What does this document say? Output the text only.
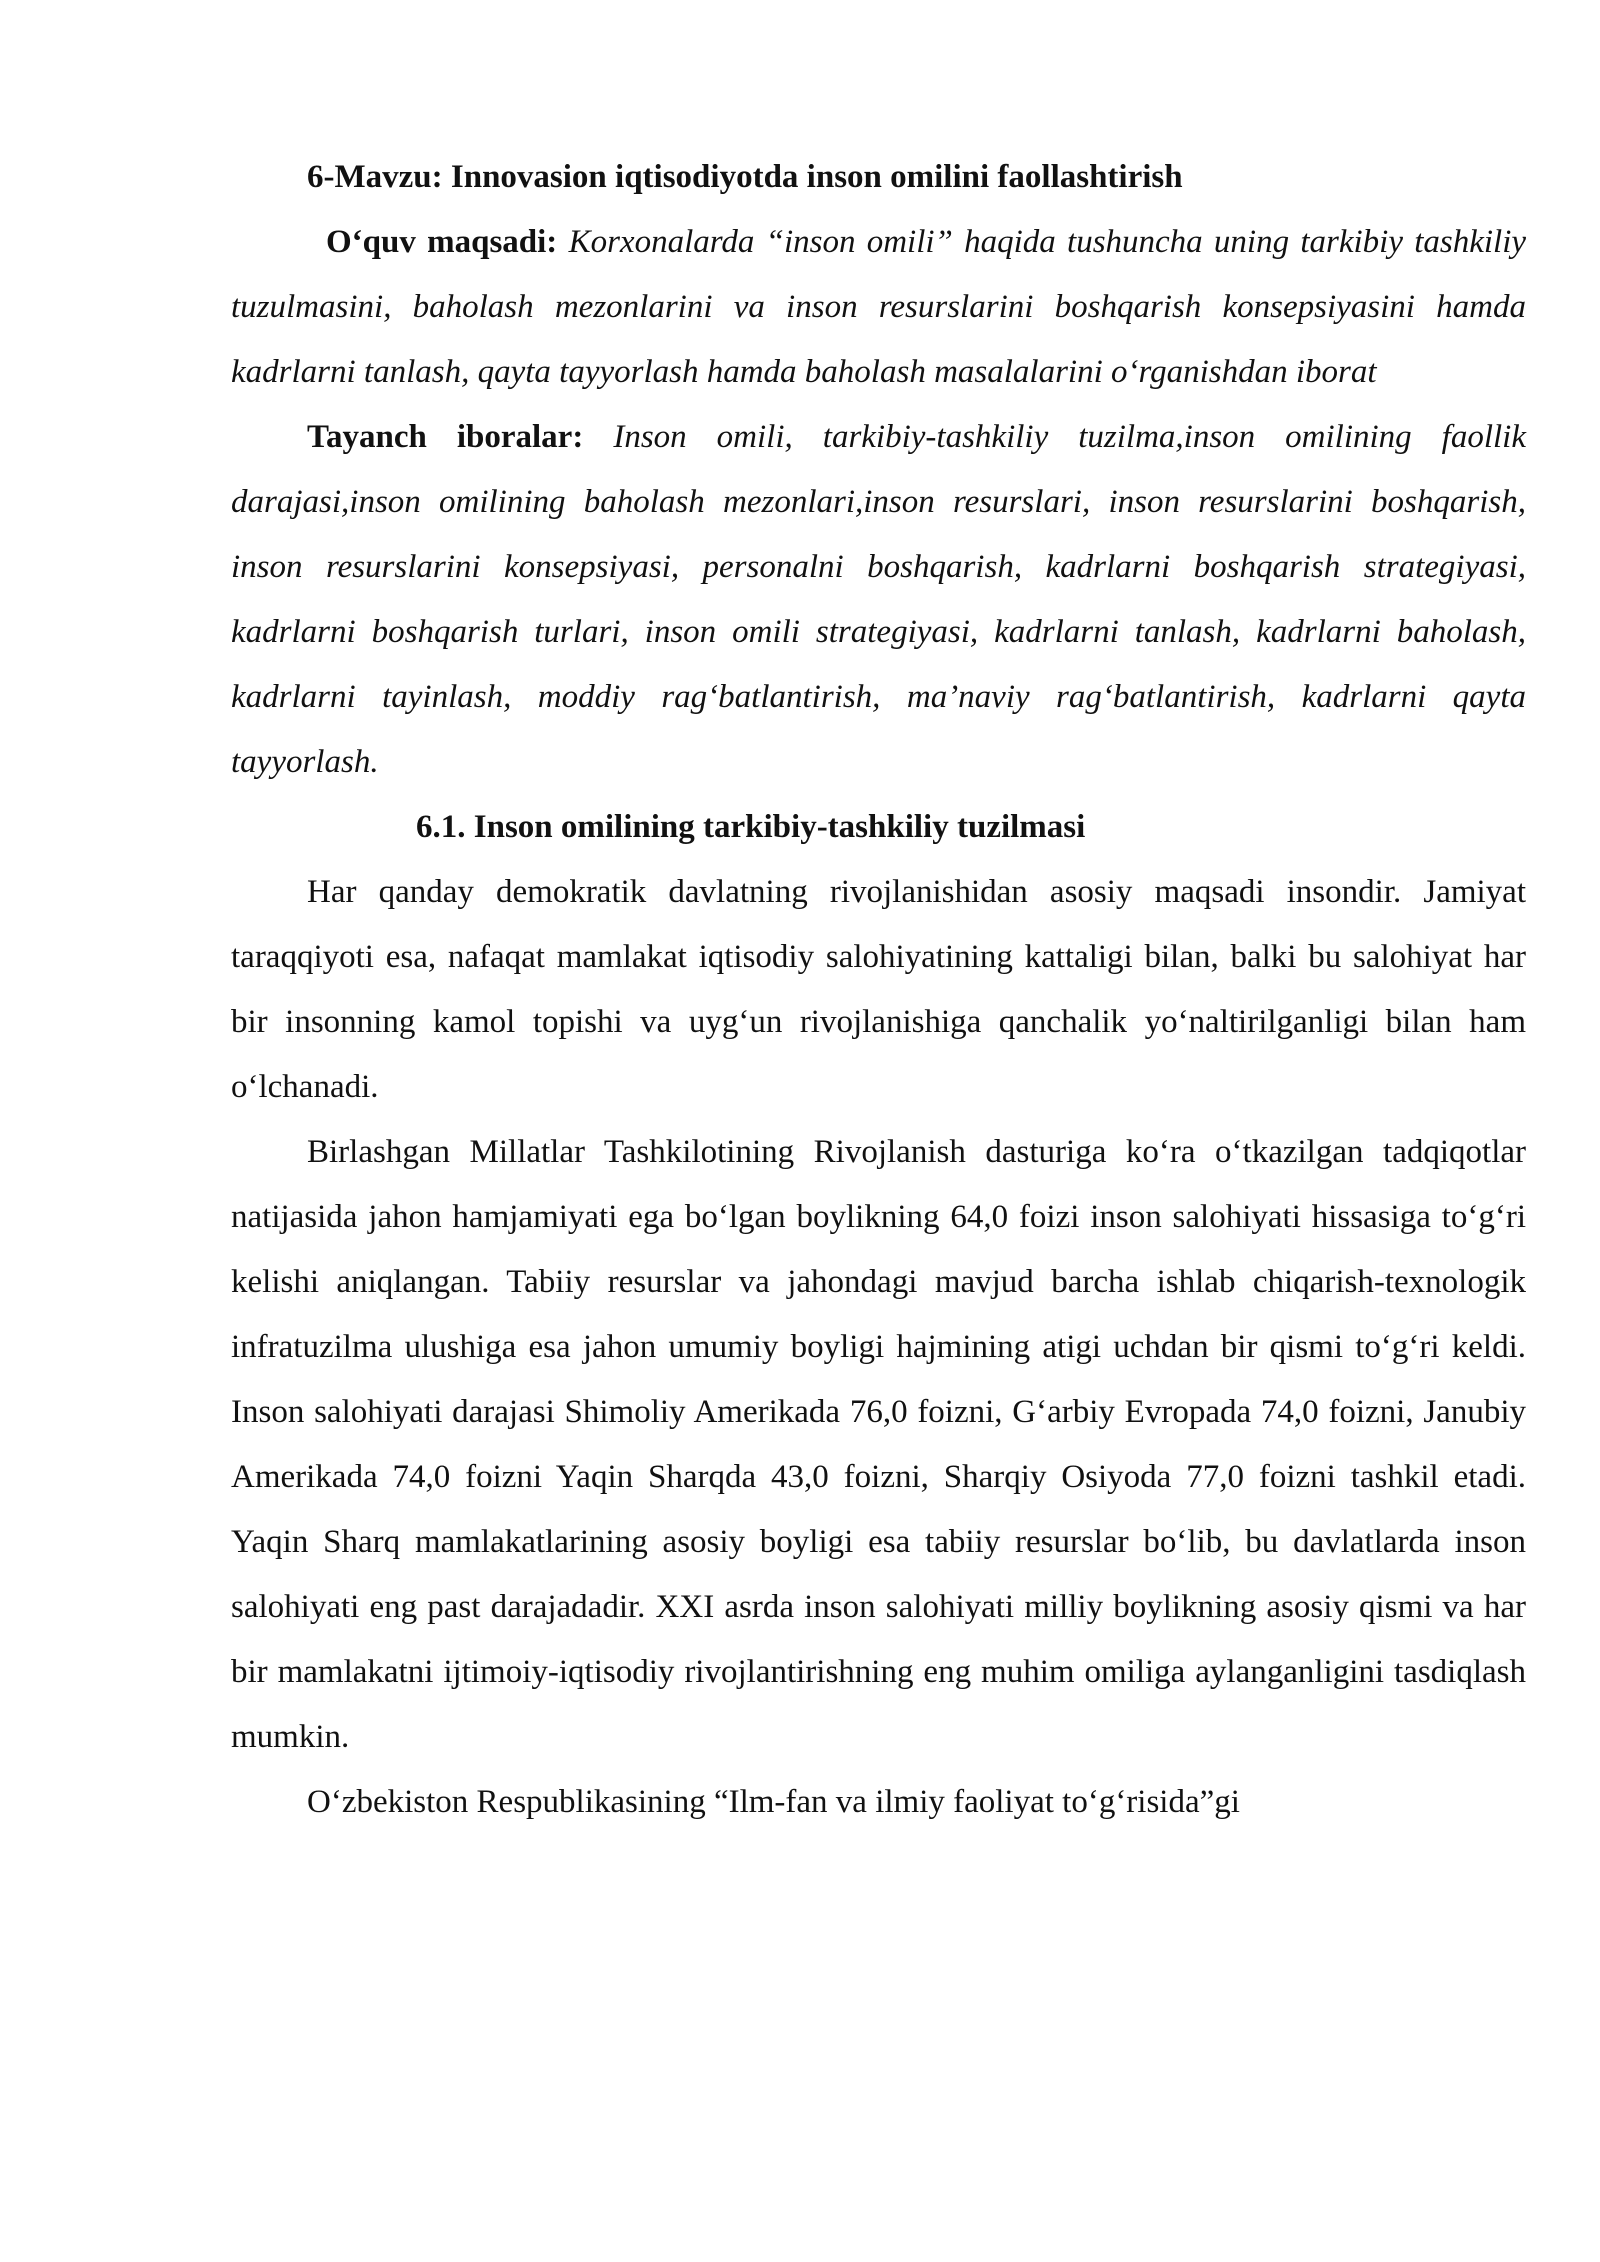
6-Mavzu: Innovasion iqtisodiyotda inson omilini faollashtirish

O‘quv maqsadi: Korxonalarda “inson omili” haqida tushuncha uning tarkibiy tashkiliy tuzulmasini, baholash mezonlarini va inson resurslarini boshqarish konsepsiyasini hamda kadrlarni tanlash, qayta tayyorlash hamda baholash masalalarini o‘rganishdan iborat

Tayanch iboralar: Inson omili, tarkibiy-tashkiliy tuzilma,inson omilining faollik darajasi,inson omilining baholash mezonlari,inson resurslari, inson resurslarini boshqarish, inson resurslarini konsepsiyasi, personalni boshqarish, kadrlarni boshqarish strategiyasi, kadrlarni boshqarish turlari, inson omili strategiyasi, kadrlarni tanlash, kadrlarni baholash, kadrlarni tayinlash, moddiy rag‘batlantirish, ma’naviy rag‘batlantirish, kadrlarni qayta tayyorlash.

6.1. Inson omilining tarkibiy-tashkiliy tuzilmasi

Har qanday demokratik davlatning rivojlanishidan asosiy maqsadi insondir. Jamiyat taraqqiyoti esa, nafaqat mamlakat iqtisodiy salohiyatining kattaligi bilan, balki bu salohiyat har bir insonning kamol topishi va uyg‘un rivojlanishiga qanchalik yo‘naltirilganligi bilan ham o‘lchanadi.

Birlashgan Millatlar Tashkilotining Rivojlanish dasturiga ko‘ra o‘tkazilgan tadqiqotlar natijasida jahon hamjamiyati ega bo‘lgan boylikning 64,0 foizi inson salohiyati hissasiga to‘g‘ri kelishi aniqlangan. Tabiiy resurslar va jahondagi mavjud barcha ishlab chiqarish-texnologik infratuzilma ulushiga esa jahon umumiy boyligi hajmining atigi uchdan bir qismi to‘g‘ri keldi. Inson salohiyati darajasi Shimoliy Amerikada 76,0 foizni, G‘arbiy Evropada 74,0 foizni, Janubiy Amerikada 74,0 foizni Yaqin Sharqda 43,0 foizni, Sharqiy Osiyoda 77,0 foizni tashkil etadi. Yaqin Sharq mamlakatlarining asosiy boyligi esa tabiiy resurslar bo‘lib, bu davlatlarda inson salohiyati eng past darajadadir. XXI asrda inson salohiyati milliy boylikning asosiy qismi va har bir mamlakatni ijtimoiy-iqtisodiy rivojlantirishning eng muhim omiliga aylanganligini tasdiqlash mumkin.

O‘zbekiston Respublikasining “Ilm-fan va ilmiy faoliyat to‘g‘risida”gi
